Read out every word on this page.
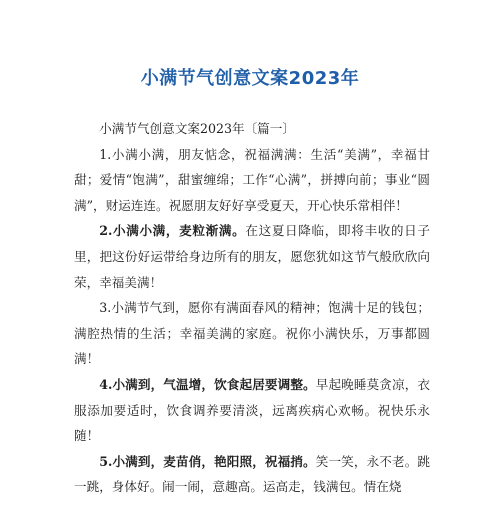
小满节气创意文案2023年

小满节气创意文案2023年〔篇一〕

1.小满小满，朋友惦念，祝福满满：生活“美满”，幸福甘甜；爱情“饱满”，甜蜜缠绵；工作“心满”，拼搏向前；事业“圆满”，财运连连。祝愿朋友好好享受夏天，开心快乐常相伴！

2.小满小满，麦粒渐满。在这夏日降临，即将丰收的日子里，把这份好运带给身边所有的朋友，愿您犹如这节气般欣欣向荣，幸福美满！

3.小满节气到，愿你有满面春风的精神；饱满十足的钱包；满腔热情的生活；幸福美满的家庭。祝你小满快乐，万事都圆满！

4.小满到，气温增，饮食起居要调整。早起晚睡莫贪凉，衣服添加要适时，饮食调养要清淡，远离疾病心欢畅。祝快乐永随！

5.小满到，麦苗俏，艳阳照，祝福捎。笑一笑，永不老。跳一跳，身体好。闹一闹，意趣高。运高走，钱满包。情在烧
